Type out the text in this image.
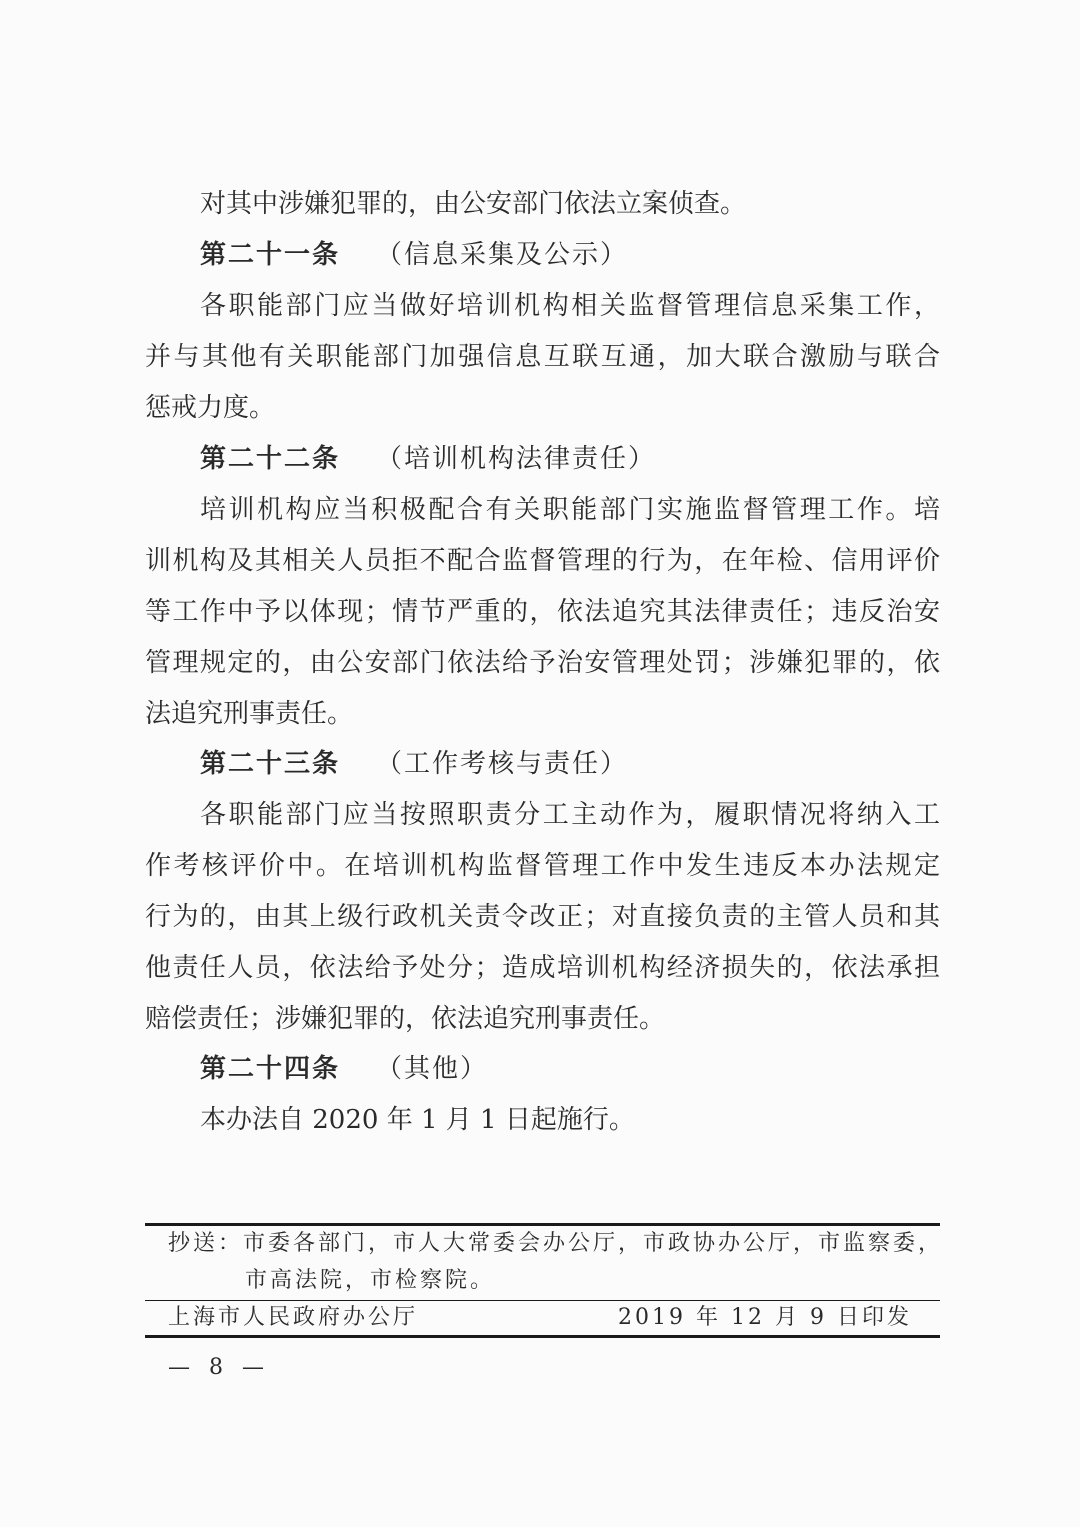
对其中涉嫌犯罪的，由公安部门依法立案侦查。
第二十一条 （信息采集及公示）
各职能部门应当做好培训机构相关监督管理信息采集工作，
并与其他有关职能部门加强信息互联互通，加大联合激励与联合
惩戒力度。
第二十二条 （培训机构法律责任）
培训机构应当积极配合有关职能部门实施监督管理工作。培
训机构及其相关人员拒不配合监督管理的行为，在年检、信用评价
等工作中予以体现；情节严重的，依法追究其法律责任；违反治安
管理规定的，由公安部门依法给予治安管理处罚；涉嫌犯罪的，依
法追究刑事责任。
第二十三条 （工作考核与责任）
各职能部门应当按照职责分工主动作为，履职情况将纳入工
作考核评价中。在培训机构监督管理工作中发生违反本办法规定
行为的，由其上级行政机关责令改正；对直接负责的主管人员和其
他责任人员，依法给予处分；造成培训机构经济损失的，依法承担
赔偿责任；涉嫌犯罪的，依法追究刑事责任。
第二十四条 （其他）
本办法自 2020 年 1 月 1 日起施行。
抄送：市委各部门，市人大常委会办公厅，市政协办公厅，市监察委，
市高法院，市检察院。
上海市人民政府办公厅	2019 年 12 月 9 日印发
— 8 —
